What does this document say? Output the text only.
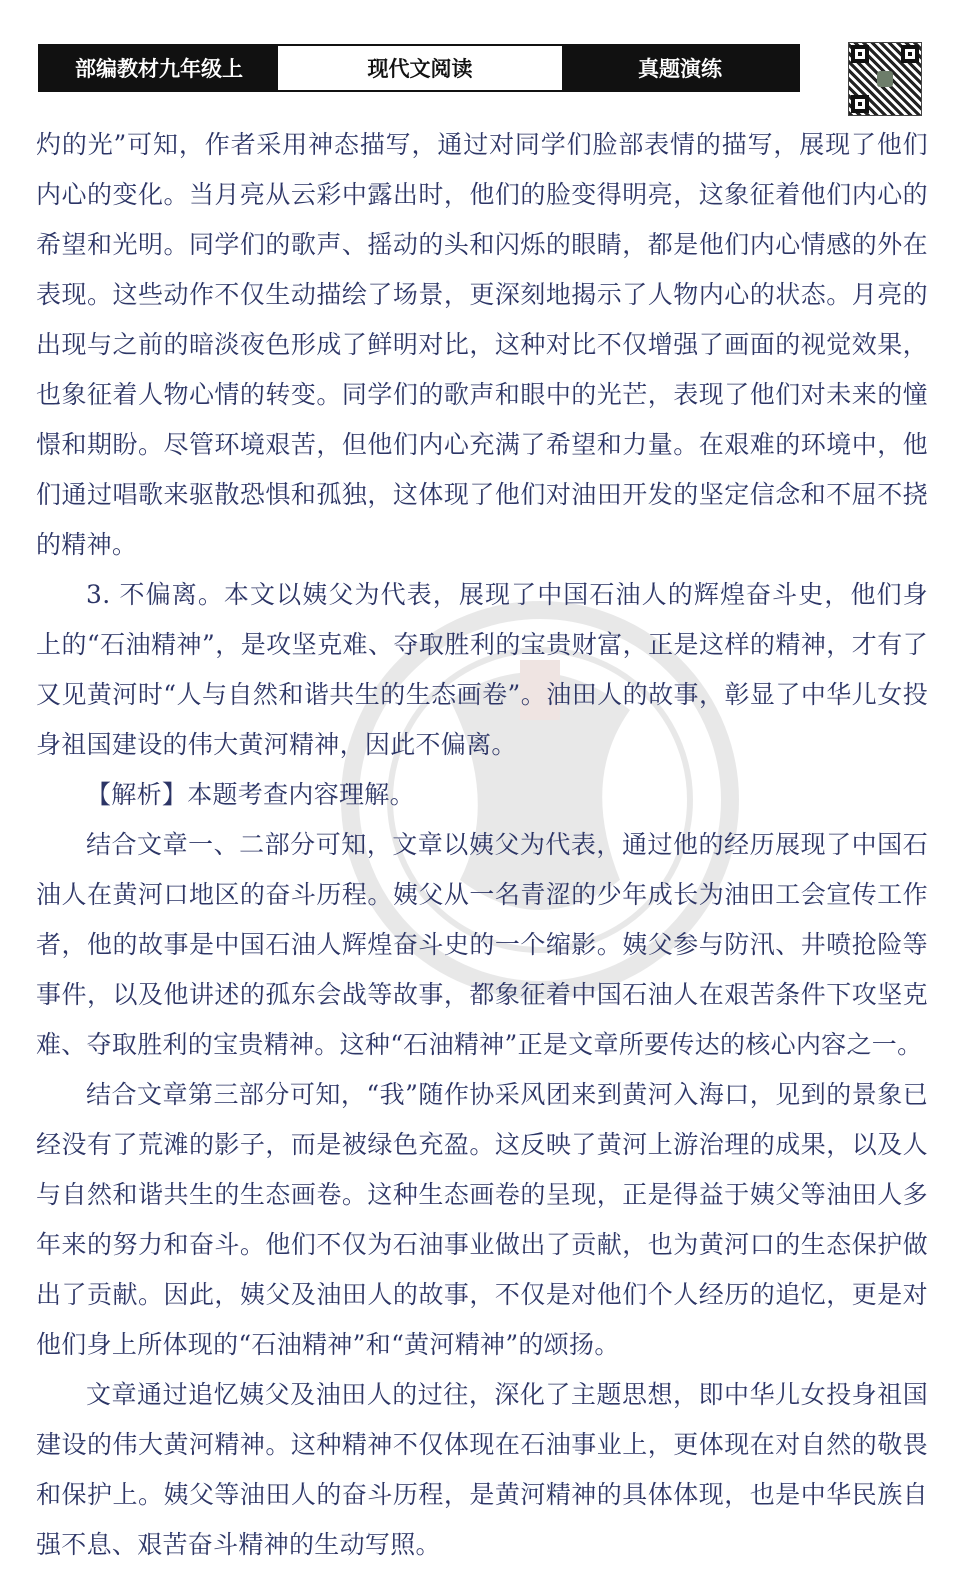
部编教材九年级上	现代文阅读	真题演练

灼的光”可知，作者采用神态描写，通过对同学们脸部表情的描写，展现了他们内心的变化。当月亮从云彩中露出时，他们的脸变得明亮，这象征着他们内心的希望和光明。同学们的歌声、摇动的头和闪烁的眼睛，都是他们内心情感的外在表现。这些动作不仅生动描绘了场景，更深刻地揭示了人物内心的状态。月亮的出现与之前的暗淡夜色形成了鲜明对比，这种对比不仅增强了画面的视觉效果，也象征着人物心情的转变。同学们的歌声和眼中的光芒，表现了他们对未来的憧憬和期盼。尽管环境艰苦，但他们内心充满了希望和力量。在艰难的环境中，他们通过唱歌来驱散恐惧和孤独，这体现了他们对油田开发的坚定信念和不屈不挠的精神。

3. 不偏离。本文以姨父为代表，展现了中国石油人的辉煌奋斗史，他们身上的“石油精神”，是攻坚克难、夺取胜利的宝贵财富，正是这样的精神，才有了又见黄河时“人与自然和谐共生的生态画卷”。油田人的故事，彰显了中华儿女投身祖国建设的伟大黄河精神，因此不偏离。

【解析】本题考查内容理解。

结合文章一、二部分可知，文章以姨父为代表，通过他的经历展现了中国石油人在黄河口地区的奋斗历程。姨父从一名青涩的少年成长为油田工会宣传工作者，他的故事是中国石油人辉煌奋斗史的一个缩影。姨父参与防汛、井喷抢险等事件，以及他讲述的孤东会战等故事，都象征着中国石油人在艰苦条件下攻坚克难、夺取胜利的宝贵精神。这种“石油精神”正是文章所要传达的核心内容之一。

结合文章第三部分可知，“我”随作协采风团来到黄河入海口，见到的景象已经没有了荒滩的影子，而是被绿色充盈。这反映了黄河上游治理的成果，以及人与自然和谐共生的生态画卷。这种生态画卷的呈现，正是得益于姨父等油田人多年来的努力和奋斗。他们不仅为石油事业做出了贡献，也为黄河口的生态保护做出了贡献。因此，姨父及油田人的故事，不仅是对他们个人经历的追忆，更是对他们身上所体现的“石油精神”和“黄河精神”的颂扬。

文章通过追忆姨父及油田人的过往，深化了主题思想，即中华儿女投身祖国建设的伟大黄河精神。这种精神不仅体现在石油事业上，更体现在对自然的敬畏和保护上。姨父等油田人的奋斗历程，是黄河精神的具体体现，也是中华民族自强不息、艰苦奋斗精神的生动写照。
